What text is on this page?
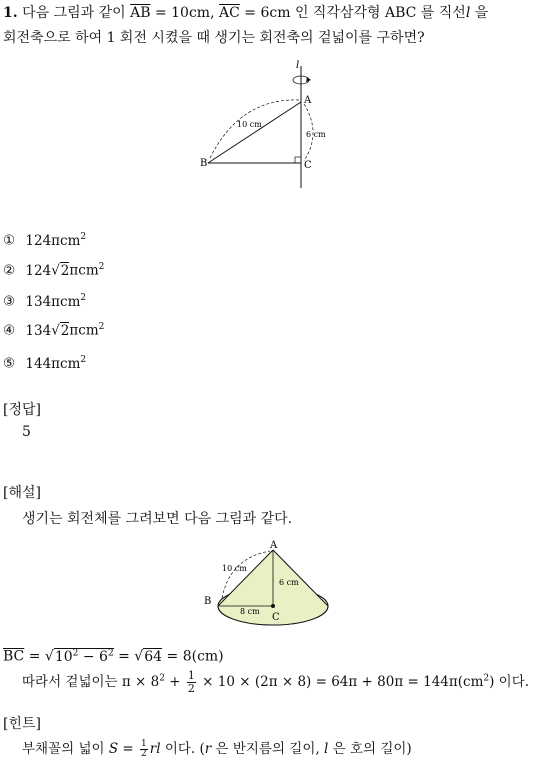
1. 다음 그림과 같이 $\overline{AB} = 10cm$, $\overline{AC} = 6cm$ 인 직각삼각형 ABC 를 직선l 을
회전축으로 하여 1 회전 시켰을 때 생기는 회전축의 겉넓이를 구하면?
l
A
B	C
10 cm
6 cm
① 124πcm$^2$
② 124√2πcm$^2$
③ 134πcm$^2$
④ 134√2πcm$^2$
⑤ 144πcm$^2$
[정답]
5
[해설]
생기는 회전체를 그려보면 다음 그림과 같다.
A
B
C
10 cm
6 cm
8 cm
$\overline{BC} = √10^2 - 6^2 = √64 = 8(cm)$
따라서 겉넓이는 $\pi \times 8^2 + \frac{1}{2} \times 10 \times (2\pi \times 8) = 64\pi + 80\pi = 144\pi(cm^2)$ 이다.
[힌트]
부채꼴의 넓이 $S = \frac{1}{2}$ rl 이다. (r 은 반지름의 길이, l 은 호의 길이)
